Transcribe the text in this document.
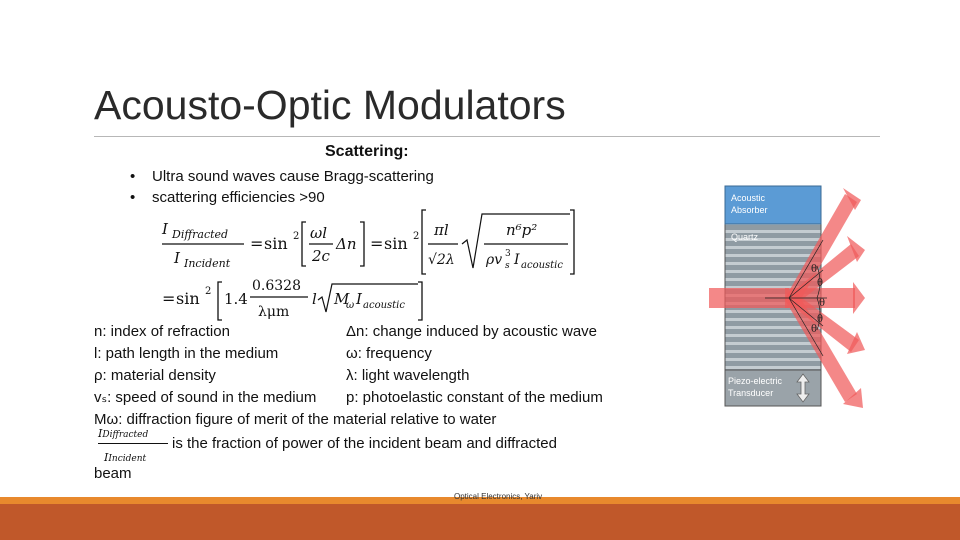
Acousto-Optic Modulators
Scattering:
• Ultra sound waves cause Bragg-scattering
• scattering efficiencies >90
I Diffracted
I Incident
= sin 2 ωl
2c
Δn = sin 2 πl
√2λ
n⁶p²
ρv 3
s I acoustic
= sin 2 1.4
0.6328
λμm
l M
ω I acoustic
n: index of refraction	Δn: change induced by acoustic wave
l: path length in the medium	ω: frequency
ρ: material density	λ: light wavelength
vₛ: speed of sound in the medium p: photoelastic constant of the medium
Mω: diffraction figure of merit of the material relative to water
IDiffracted
IIncident
is the fraction of power of the incident beam and diffracted
beam
Acoustic
Absorber
Quartz
Piezo-electric
Transducer
θ
θ
θ
θ
θ
Optical Electronics, Yariv
